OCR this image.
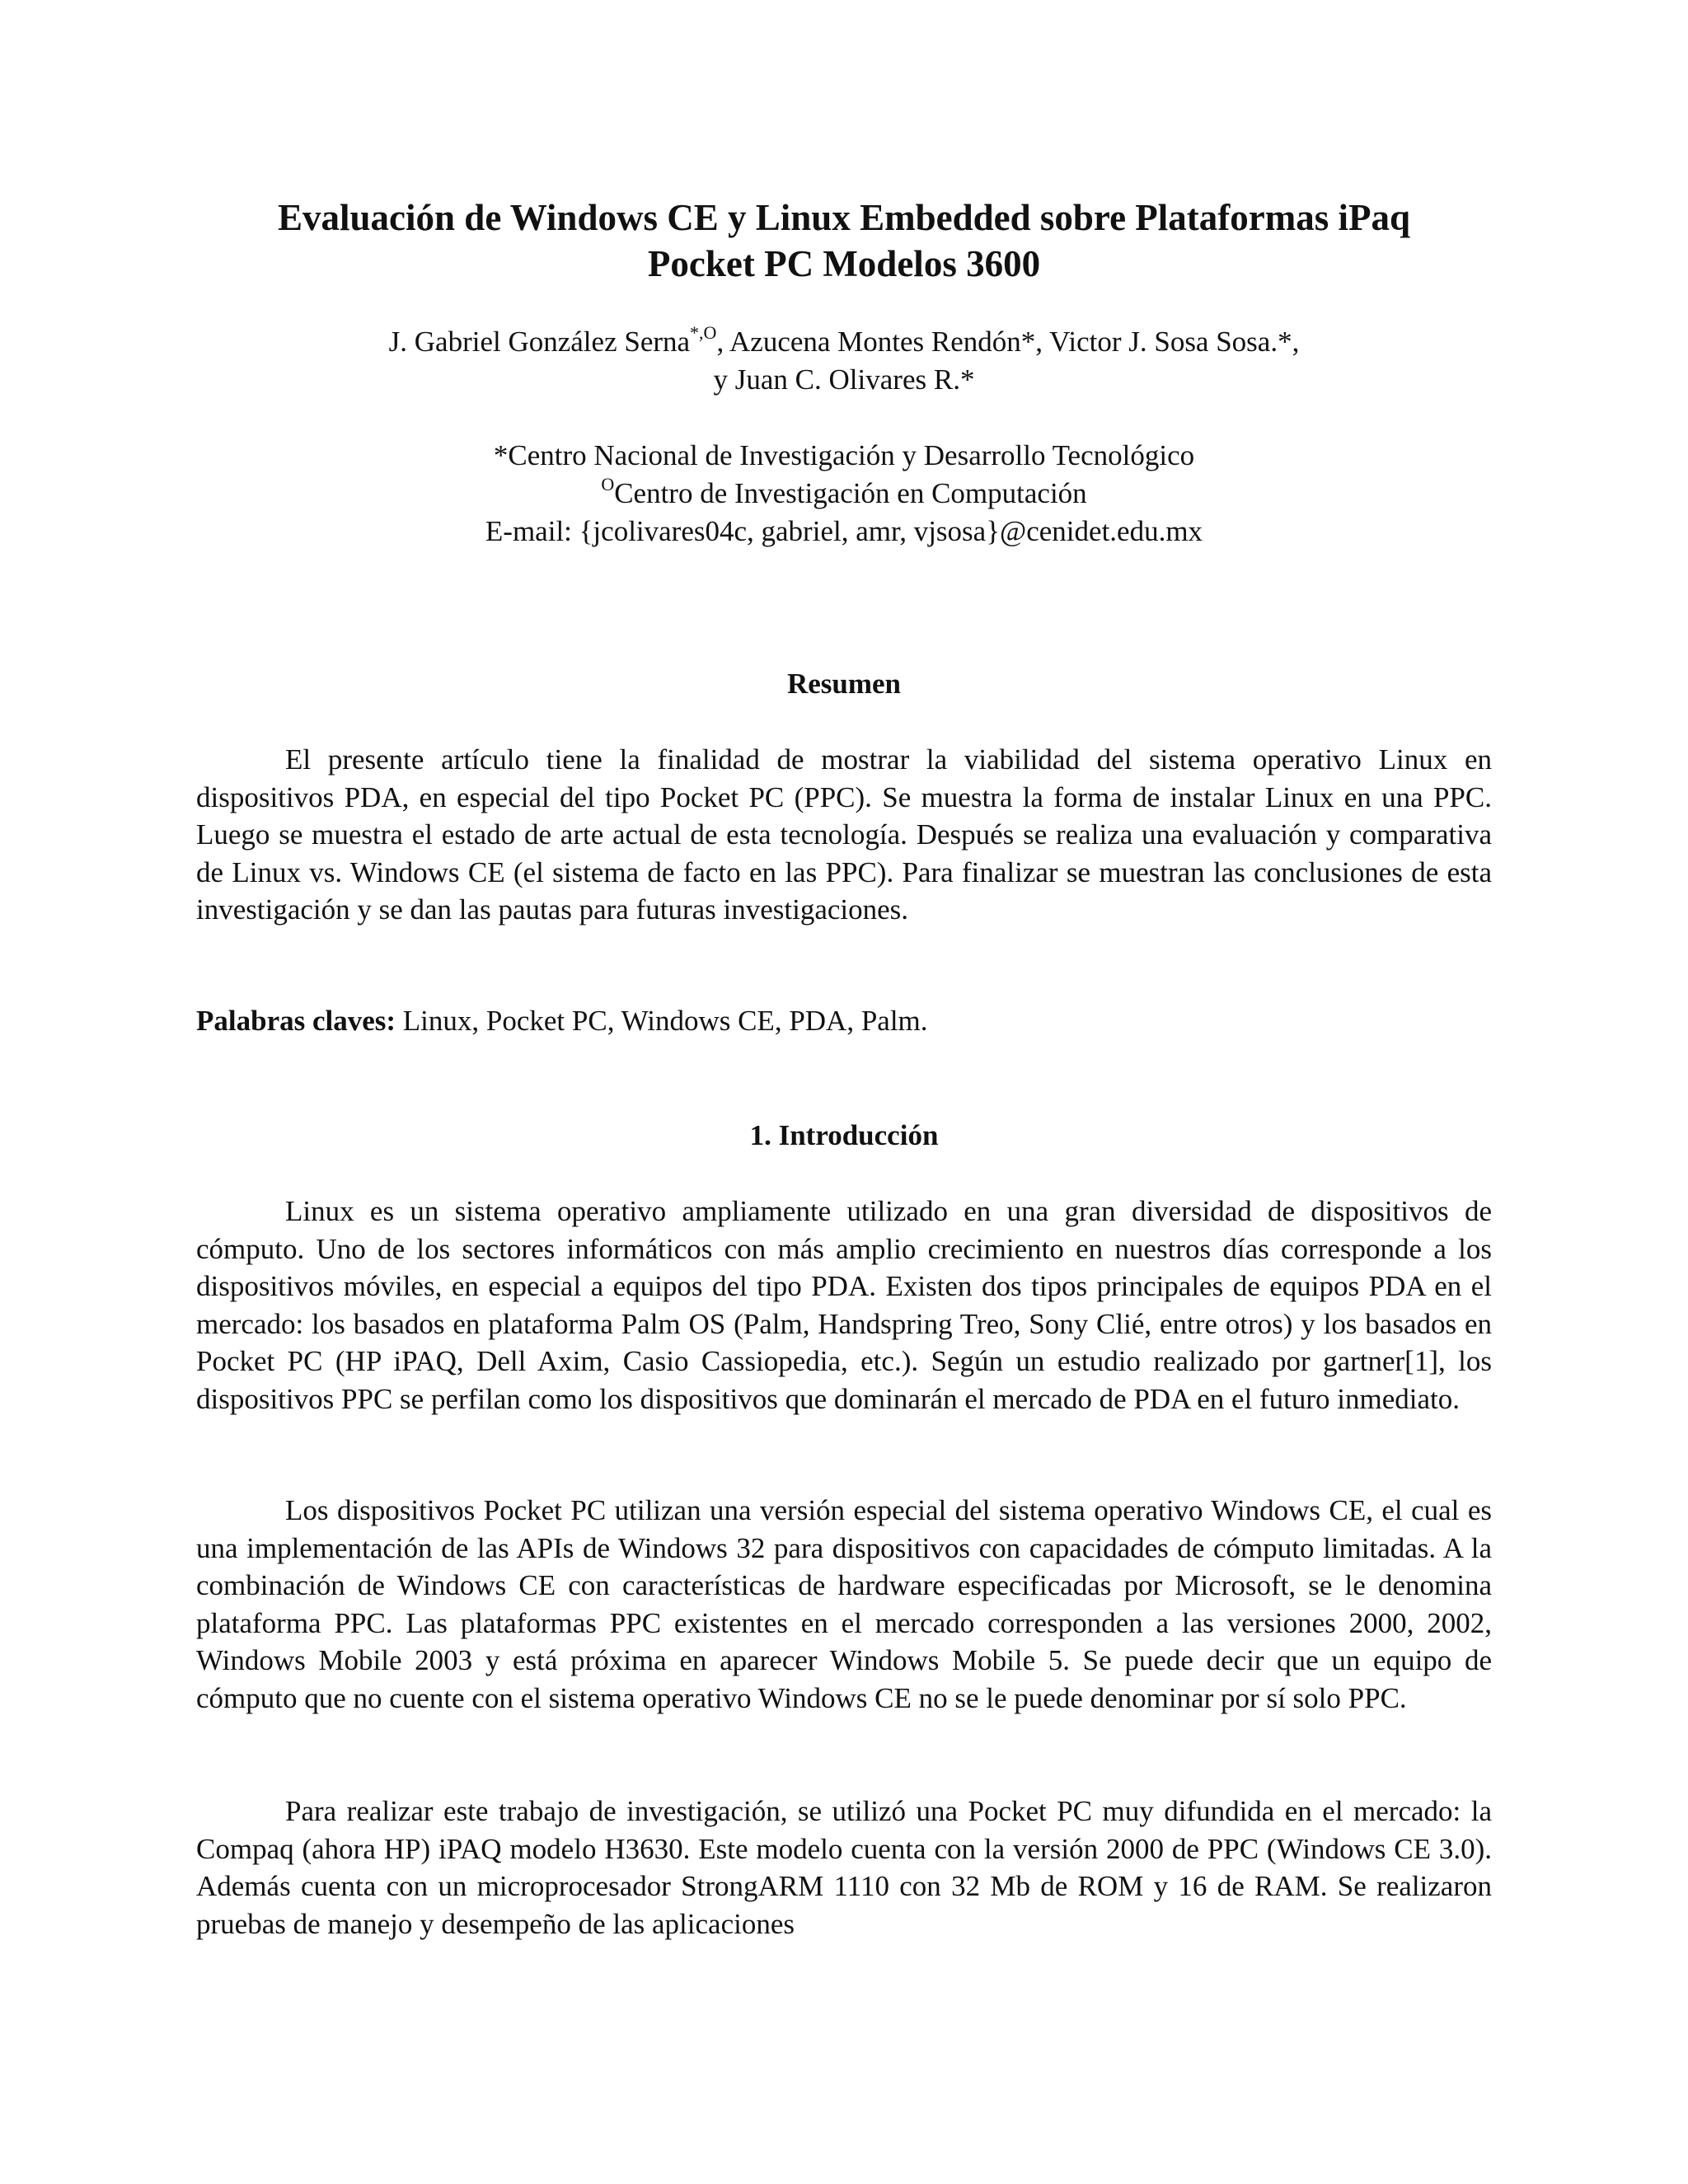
Evaluación de Windows CE y Linux Embedded sobre Plataformas iPaq
Pocket PC Modelos 3600
J. Gabriel González Serna$^{*,O}$, Azucena Montes Rendón*, Victor J. Sosa Sosa.*,
y Juan C. Olivares R.*
*Centro Nacional de Investigación y Desarrollo Tecnológico
$^O$Centro de Investigación en Computación
E-mail: {jcolivares04c, gabriel, amr, vjsosa}@cenidet.edu.mx
Resumen

El presente artículo tiene la finalidad de mostrar la viabilidad del sistema operativo Linux en dispositivos PDA, en especial del tipo Pocket PC (PPC). Se muestra la forma de instalar Linux en una PPC. Luego se muestra el estado de arte actual de esta tecnología. Después se realiza una evaluación y comparativa de Linux vs. Windows CE (el sistema de facto en las PPC). Para finalizar se muestran las conclusiones de esta investigación y se dan las pautas para futuras investigaciones.

Palabras claves: Linux, Pocket PC, Windows CE, PDA, Palm.

1. Introducción

Linux es un sistema operativo ampliamente utilizado en una gran diversidad de dispositivos de cómputo. Uno de los sectores informáticos con más amplio crecimiento en nuestros días corresponde a los dispositivos móviles, en especial a equipos del tipo PDA. Existen dos tipos principales de equipos PDA en el mercado: los basados en plataforma Palm OS (Palm, Handspring Treo, Sony Clié, entre otros) y los basados en Pocket PC (HP iPAQ, Dell Axim, Casio Cassiopedia, etc.). Según un estudio realizado por gartner[1], los dispositivos PPC se perfilan como los dispositivos que dominarán el mercado de PDA en el futuro inmediato.

Los dispositivos Pocket PC utilizan una versión especial del sistema operativo Windows CE, el cual es una implementación de las APIs de Windows 32 para dispositivos con capacidades de cómputo limitadas. A la combinación de Windows CE con características de hardware especificadas por Microsoft, se le denomina plataforma PPC. Las plataformas PPC existentes en el mercado corresponden a las versiones 2000, 2002, Windows Mobile 2003 y está próxima en aparecer Windows Mobile 5. Se puede decir que un equipo de cómputo que no cuente con el sistema operativo Windows CE no se le puede denominar por sí solo PPC.

Para realizar este trabajo de investigación, se utilizó una Pocket PC muy difundida en el mercado: la Compaq (ahora HP) iPAQ modelo H3630. Este modelo cuenta con la versión 2000 de PPC (Windows CE 3.0). Además cuenta con un microprocesador StrongARM 1110 con 32 Mb de ROM y 16 de RAM. Se realizaron pruebas de manejo y desempeño de las aplicaciones
